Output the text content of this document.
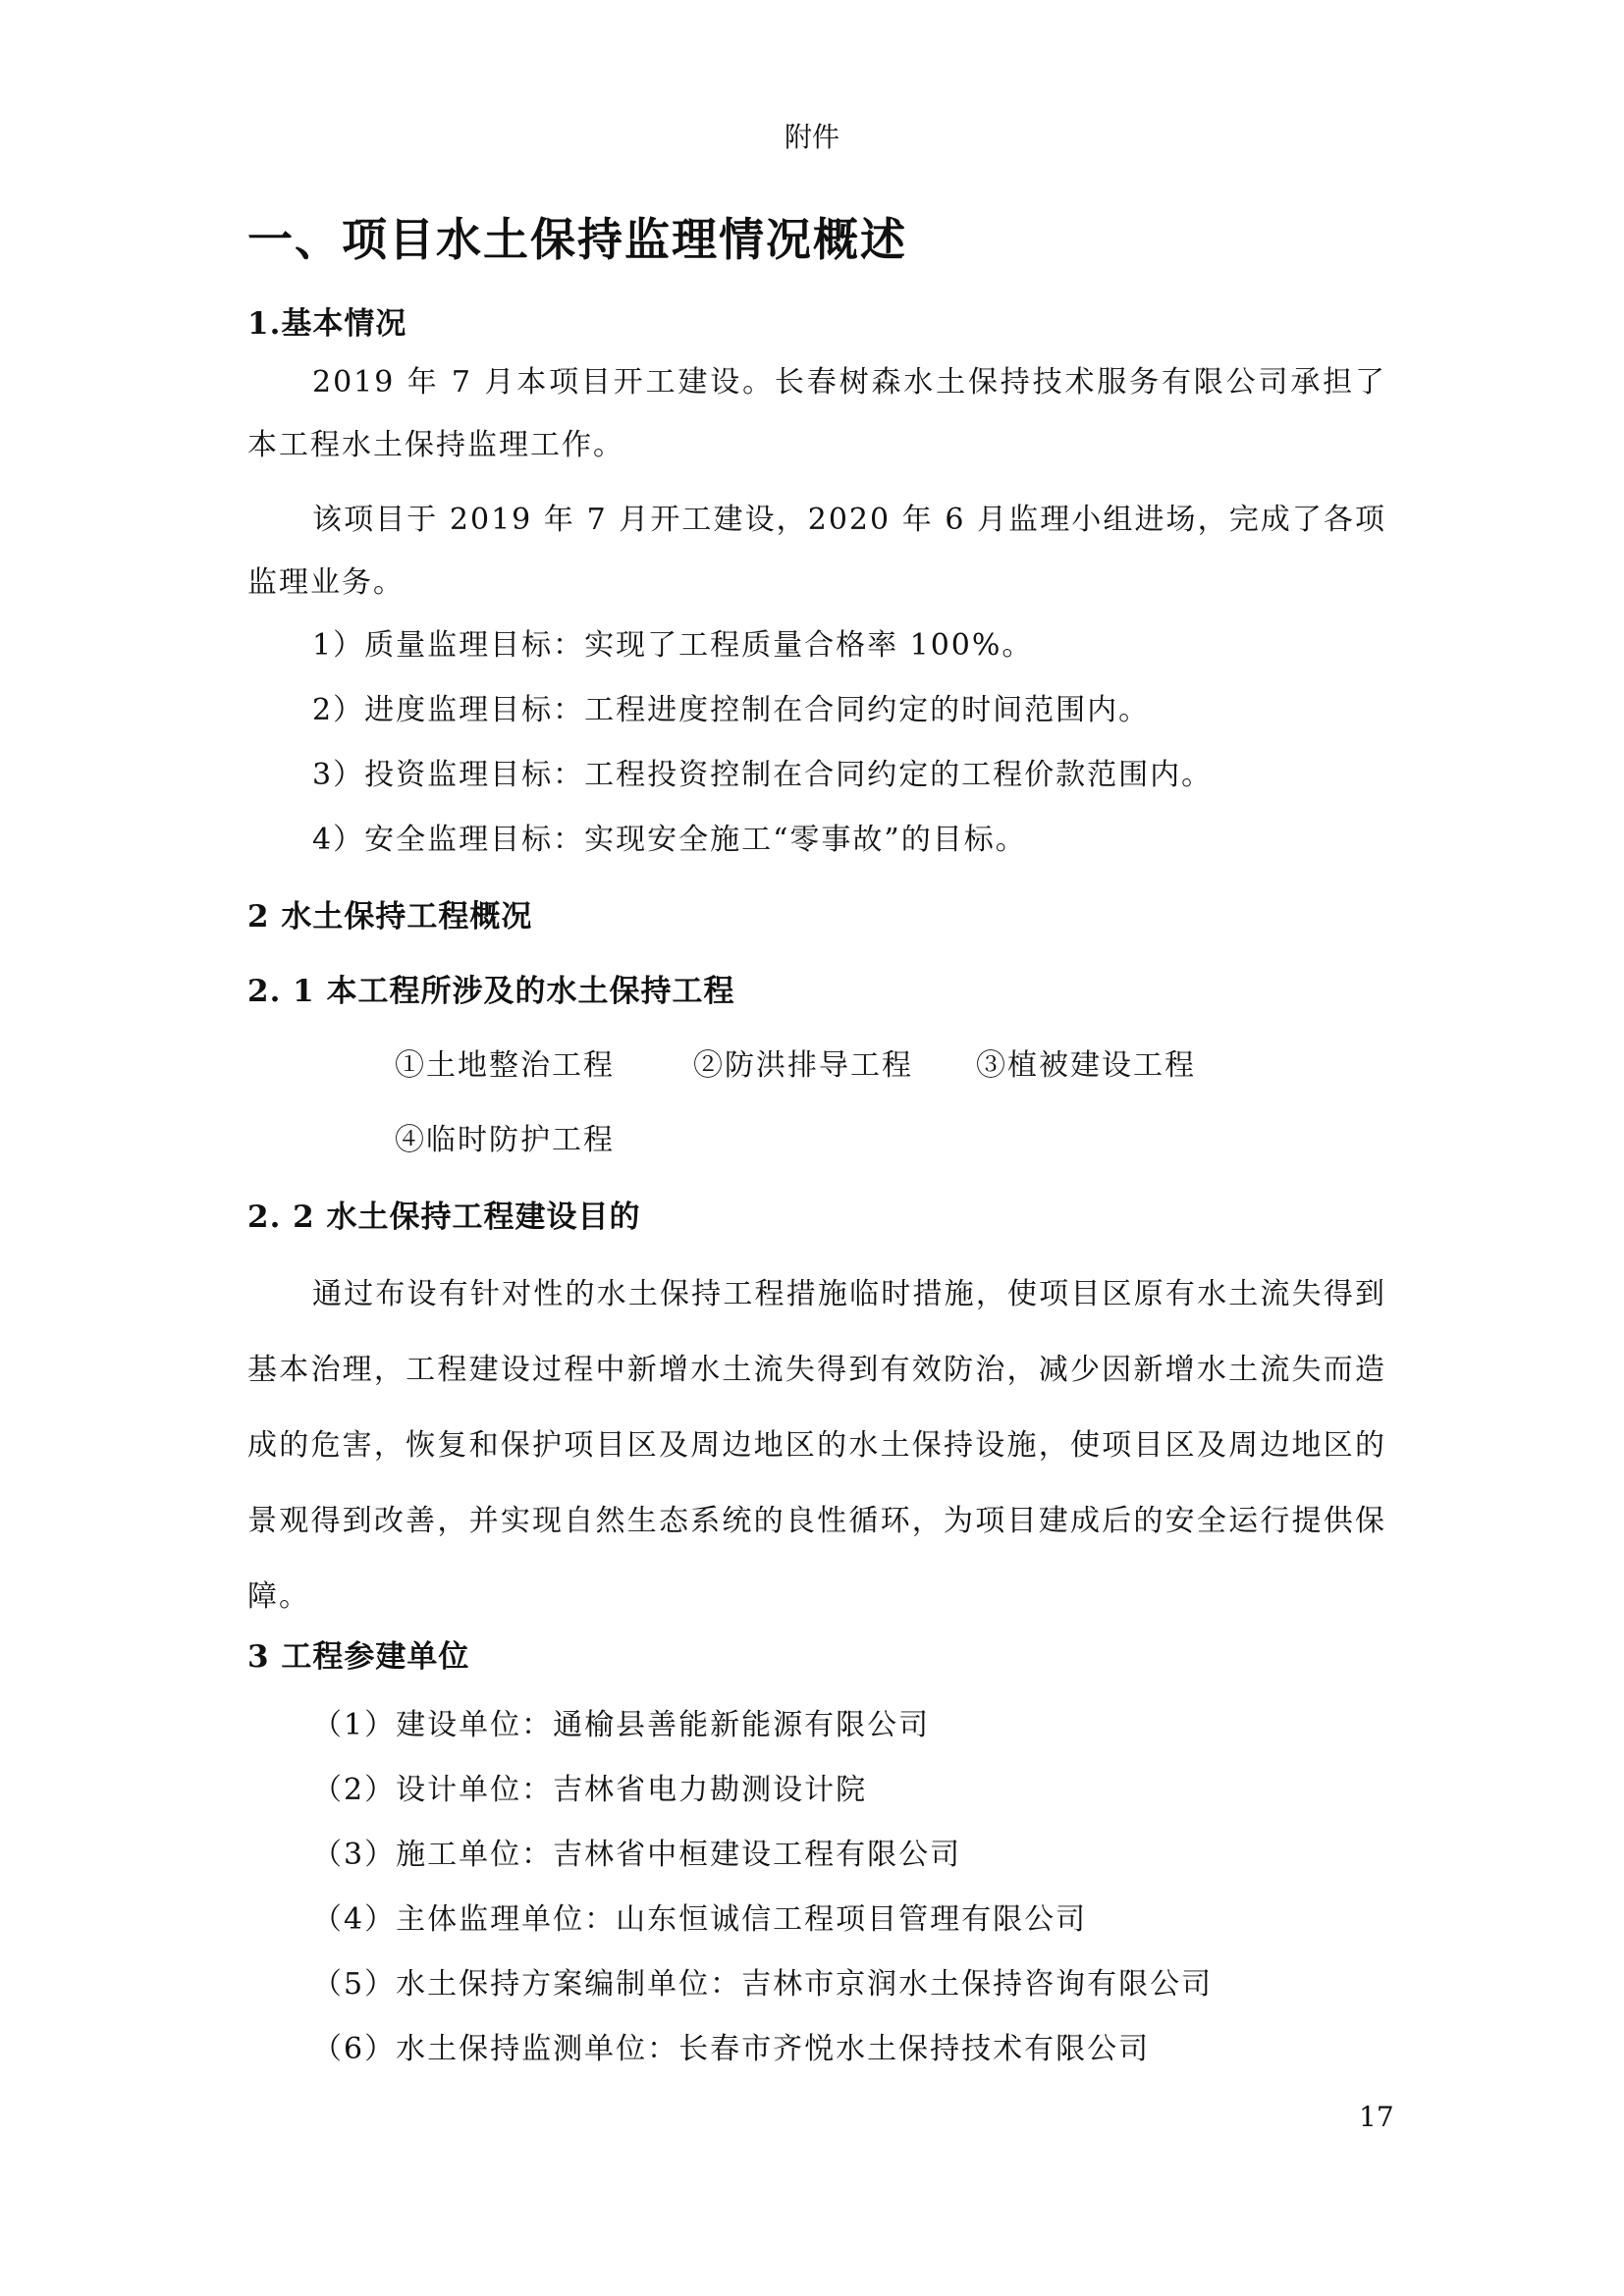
附件
一、项目水土保持监理情况概述
1.基本情况

2019 年 7 月本项目开工建设。长春树森水土保持技术服务有限公司承担了本工程水土保持监理工作。

该项目于 2019 年 7 月开工建设，2020 年 6 月监理小组进场，完成了各项监理业务。

1）质量监理目标：实现了工程质量合格率 100%。
2）进度监理目标：工程进度控制在合同约定的时间范围内。
3）投资监理目标：工程投资控制在合同约定的工程价款范围内。
4）安全监理目标：实现安全施工“零事故”的目标。
2 水土保持工程概况
2. 1 本工程所涉及的水土保持工程
①土地整治工程	②防洪排导工程 ③植被建设工程
④临时防护工程
2. 2 水土保持工程建设目的

通过布设有针对性的水土保持工程措施临时措施，使项目区原有水土流失得到基本治理，工程建设过程中新增水土流失得到有效防治，减少因新增水土流失而造成的危害，恢复和保护项目区及周边地区的水土保持设施，使项目区及周边地区的景观得到改善，并实现自然生态系统的良性循环，为项目建成后的安全运行提供保障。

3 工程参建单位
（1）建设单位：通榆县善能新能源有限公司
（2）设计单位：吉林省电力勘测设计院
（3）施工单位：吉林省中桓建设工程有限公司
（4）主体监理单位：山东恒诚信工程项目管理有限公司
（5）水土保持方案编制单位：吉林市京润水土保持咨询有限公司
（6）水土保持监测单位：长春市齐悦水土保持技术有限公司
17
